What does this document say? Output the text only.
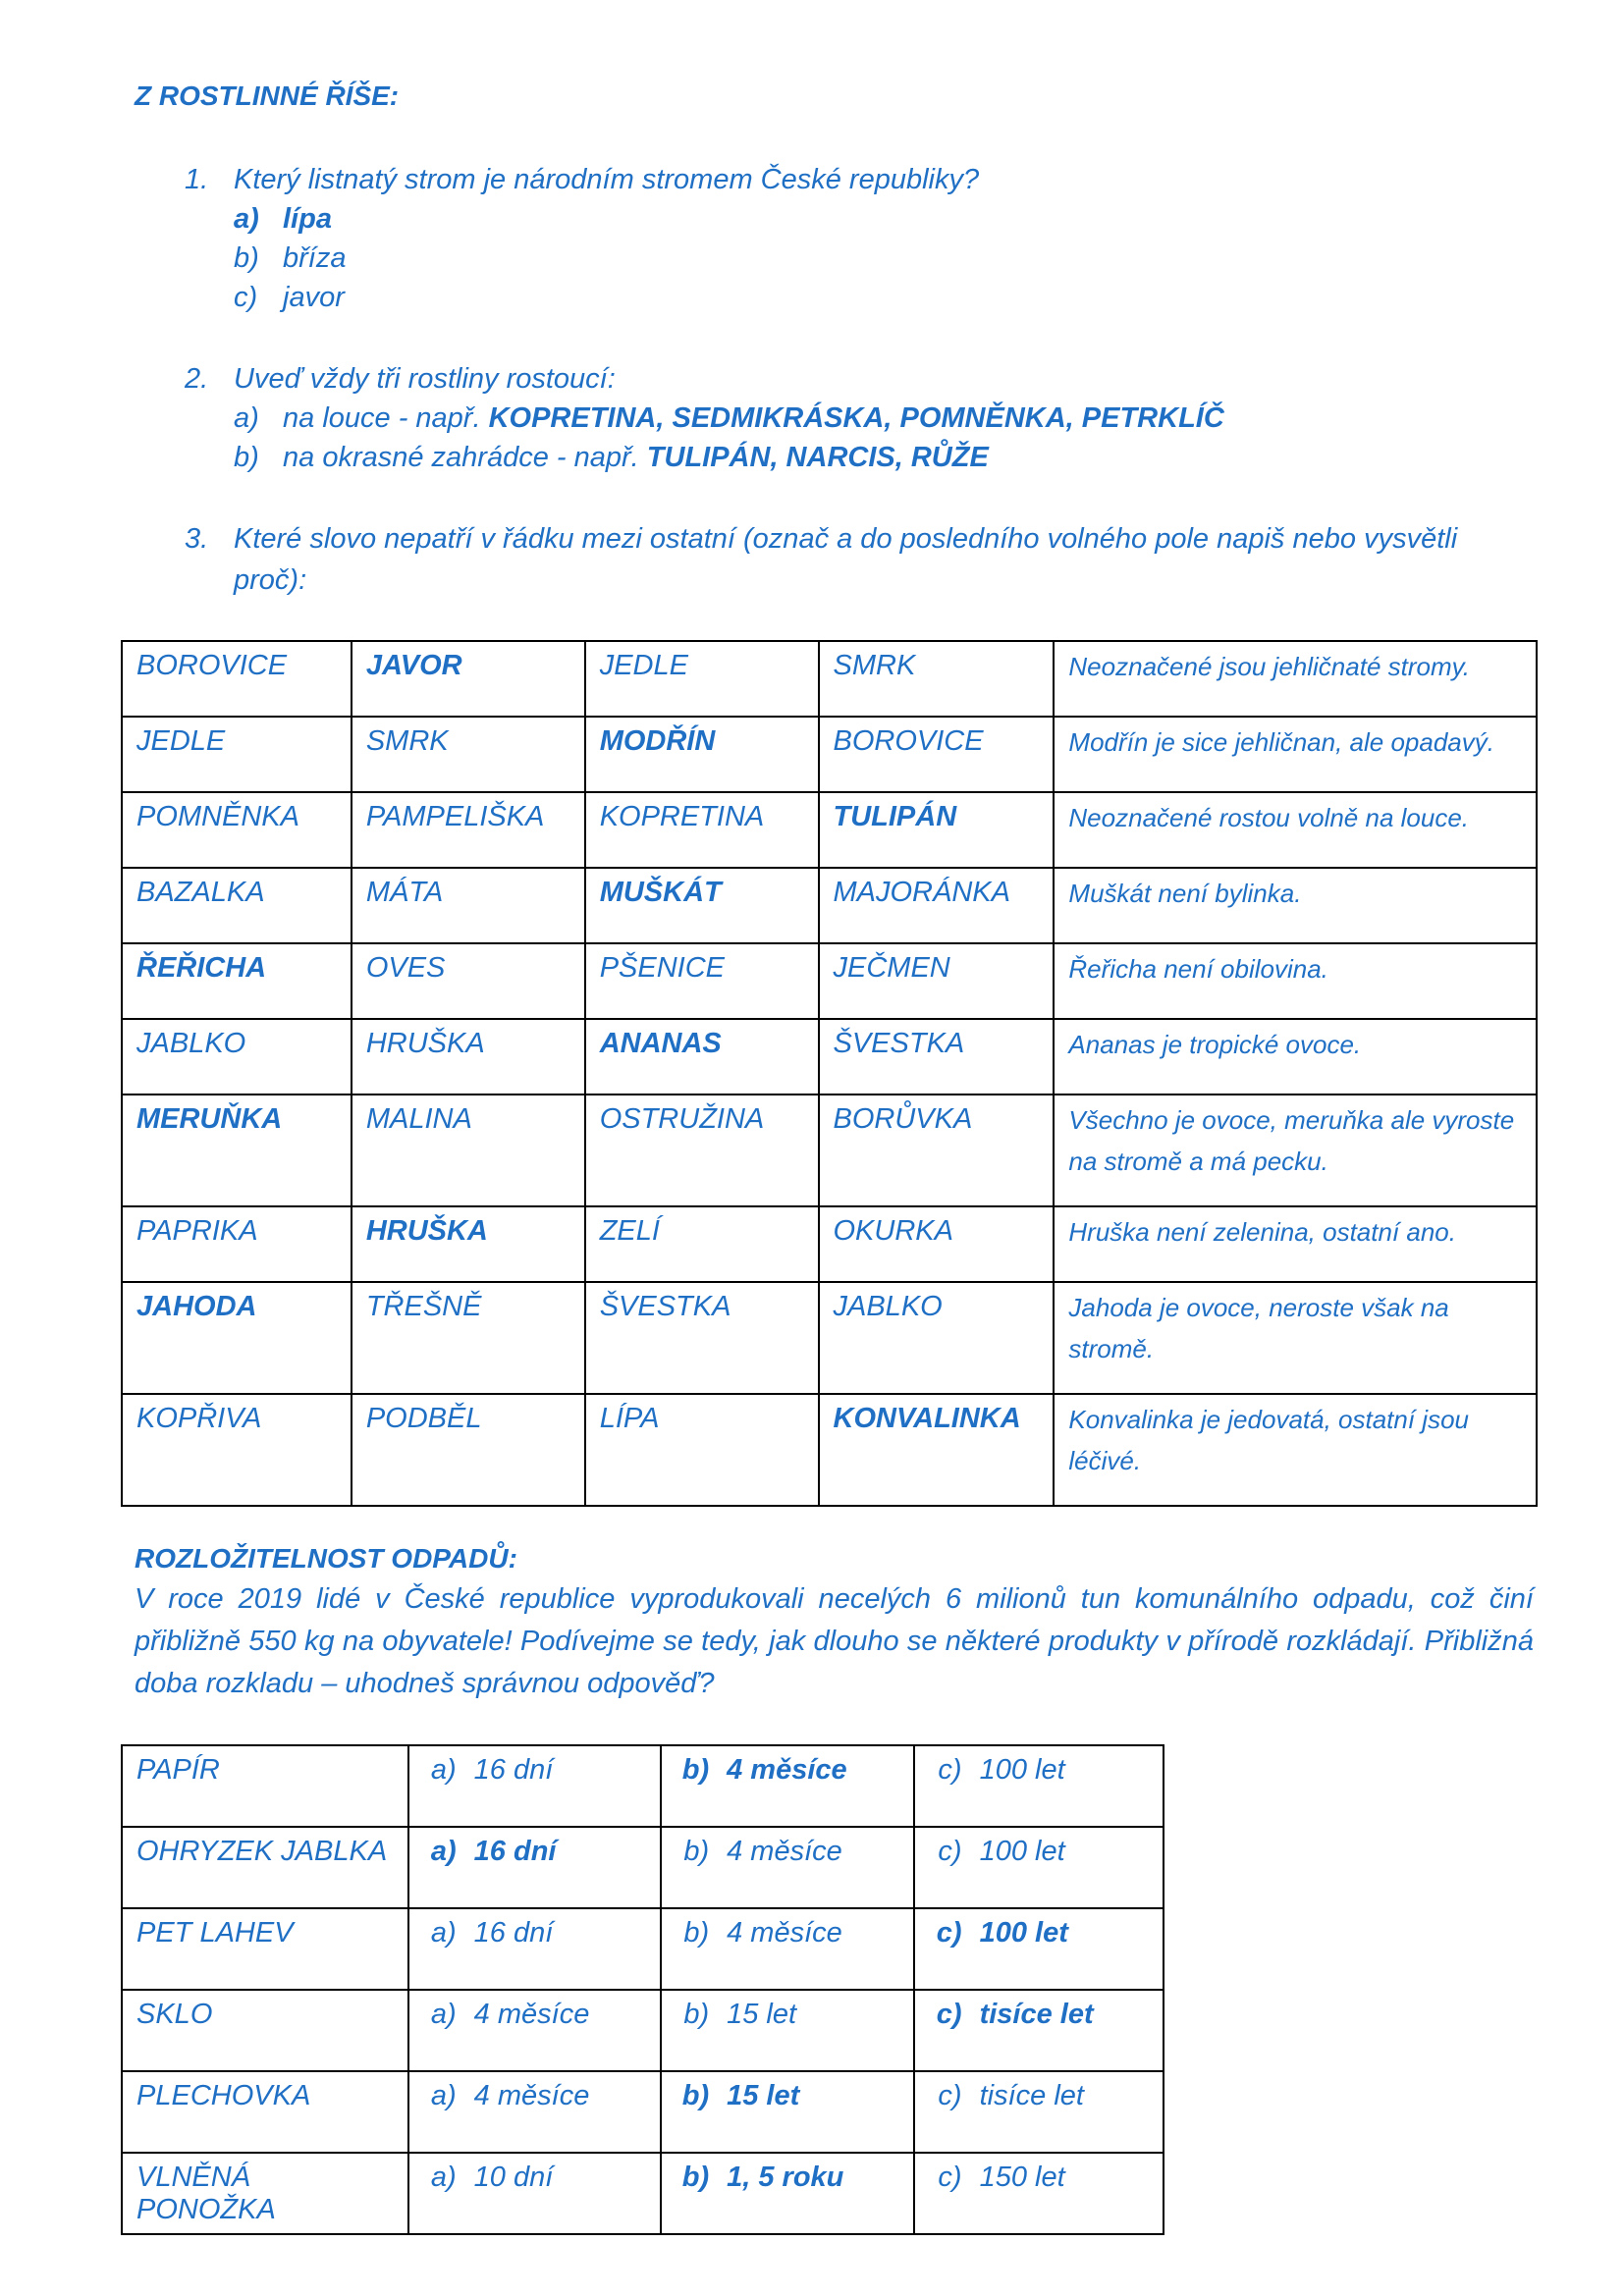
Z ROSTLINNÉ ŘÍŠE:
1. Který listnatý strom je národním stromem České republiky?
a) lípa
b) bříza
c) javor
2. Uveď vždy tři rostliny rostoucí:
a) na louce - např. KOPRETINA, SEDMIKRÁSKA, POMNĚNKA, PETRKLÍČ
b) na okrasné zahrádce - např. TULIPÁN, NARCIS, RŮŽE
3. Které slovo nepatří v řádku mezi ostatní (označ a do posledního volného pole napiš nebo vysvětli
proč):
BOROVICE	JAVOR	JEDLE	SMRK	Neoznačené jsou jehličnaté stromy.
JEDLE	SMRK	MODŘÍN	BOROVICE	Modřín je sice jehličnan, ale opadavý.
POMNĚNKA	PAMPELIŠKA	KOPRETINA	TULIPÁN	Neoznačené rostou volně na louce.
BAZALKA	MÁTA	MUŠKÁT	MAJORÁNKA	Muškát není bylinka.
ŘEŘICHA	OVES	PŠENICE	JEČMEN	Řeřicha není obilovina.
JABLKO	HRUŠKA	ANANAS	ŠVESTKA	Ananas je tropické ovoce.
MERUŇKA	MALINA	OSTRUŽINA	BORŮVKA	Všechno je ovoce, meruňka ale vyroste na stromě a má pecku.
PAPRIKA	HRUŠKA	ZELÍ	OKURKA	Hruška není zelenina, ostatní ano.
JAHODA	TŘEŠNĚ	ŠVESTKA	JABLKO	Jahoda je ovoce, neroste však na stromě.
KOPŘIVA	PODBĚL	LÍPA	KONVALINKA	Konvalinka je jedovatá, ostatní jsou léčivé.
ROZLOŽITELNOST ODPADŮ:
V roce 2019 lidé v České republice vyprodukovali necelých 6 milionů tun komunálního odpadu, což činí přibližně 550 kg na obyvatele! Podívejme se tedy, jak dlouho se některé produkty v přírodě rozkládají. Přibližná doba rozkladu – uhodneš správnou odpověď?
PAPÍR	a) 16 dní	b) 4 měsíce	c) 100 let
OHRYZEK JABLKA	a) 16 dní	b) 4 měsíce	c) 100 let
PET LAHEV	a) 16 dní	b) 4 měsíce	c) 100 let
SKLO	a) 4 měsíce	b) 15 let	c) tisíce let
PLECHOVKA	a) 4 měsíce	b) 15 let	c) tisíce let
VLNĚNÁ PONOŽKA	a) 10 dní	b) 1, 5 roku	c) 150 let
